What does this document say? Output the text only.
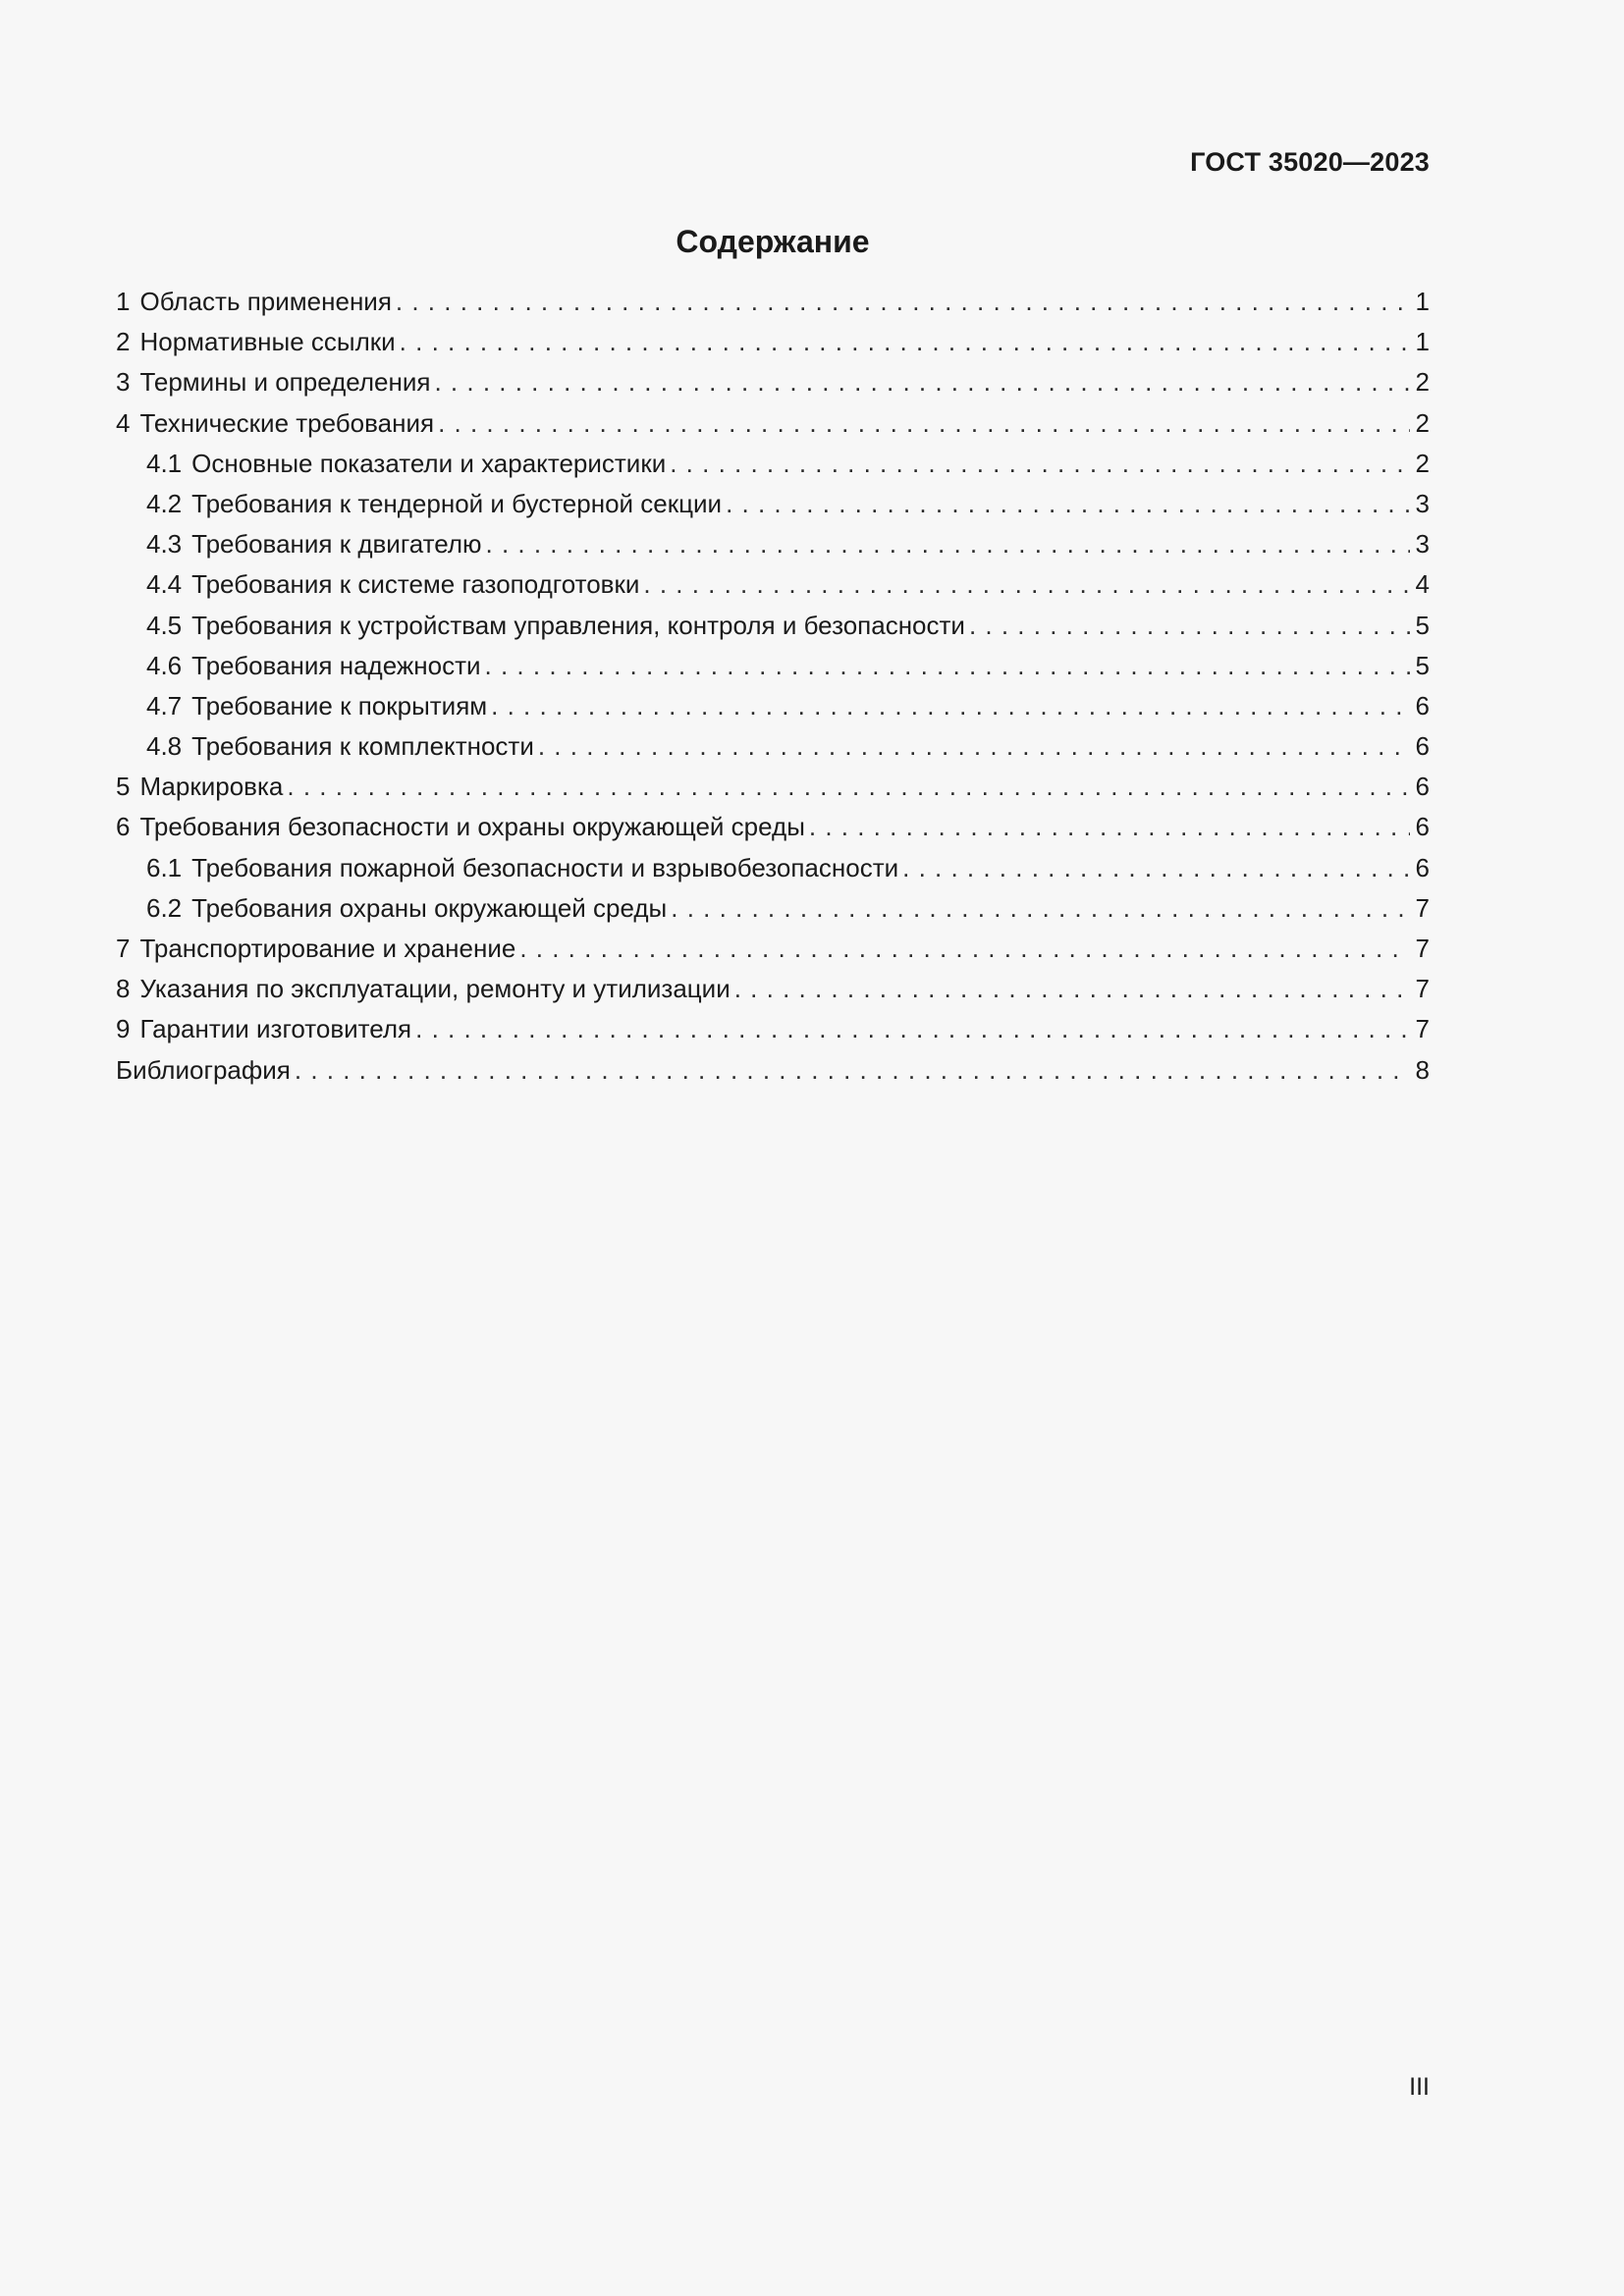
ГОСТ 35020—2023
Содержание
1 Область применения . . .	1
2 Нормативные ссылки . . .	1
3 Термины и определения . . .	2
4 Технические требования . . .	2
4.1 Основные показатели и характеристики . . .	2
4.2 Требования к тендерной и бустерной секции . . .	3
4.3 Требования к двигателю . . .	3
4.4 Требования к системе газоподготовки . . .	4
4.5 Требования к устройствам управления, контроля и безопасности . . .	5
4.6 Требования надежности . . .	5
4.7 Требование к покрытиям . . .	6
4.8 Требования к комплектности . . .	6
5 Маркировка . . .	6
6 Требования безопасности и охраны окружающей среды . . .	6
6.1 Требования пожарной безопасности и взрывобезопасности . . .	6
6.2 Требования охраны окружающей среды . . .	7
7 Транспортирование и хранение . . .	7
8 Указания по эксплуатации, ремонту и утилизации . . .	7
9 Гарантии изготовителя . . .	7
Библиография . . .	8
III
